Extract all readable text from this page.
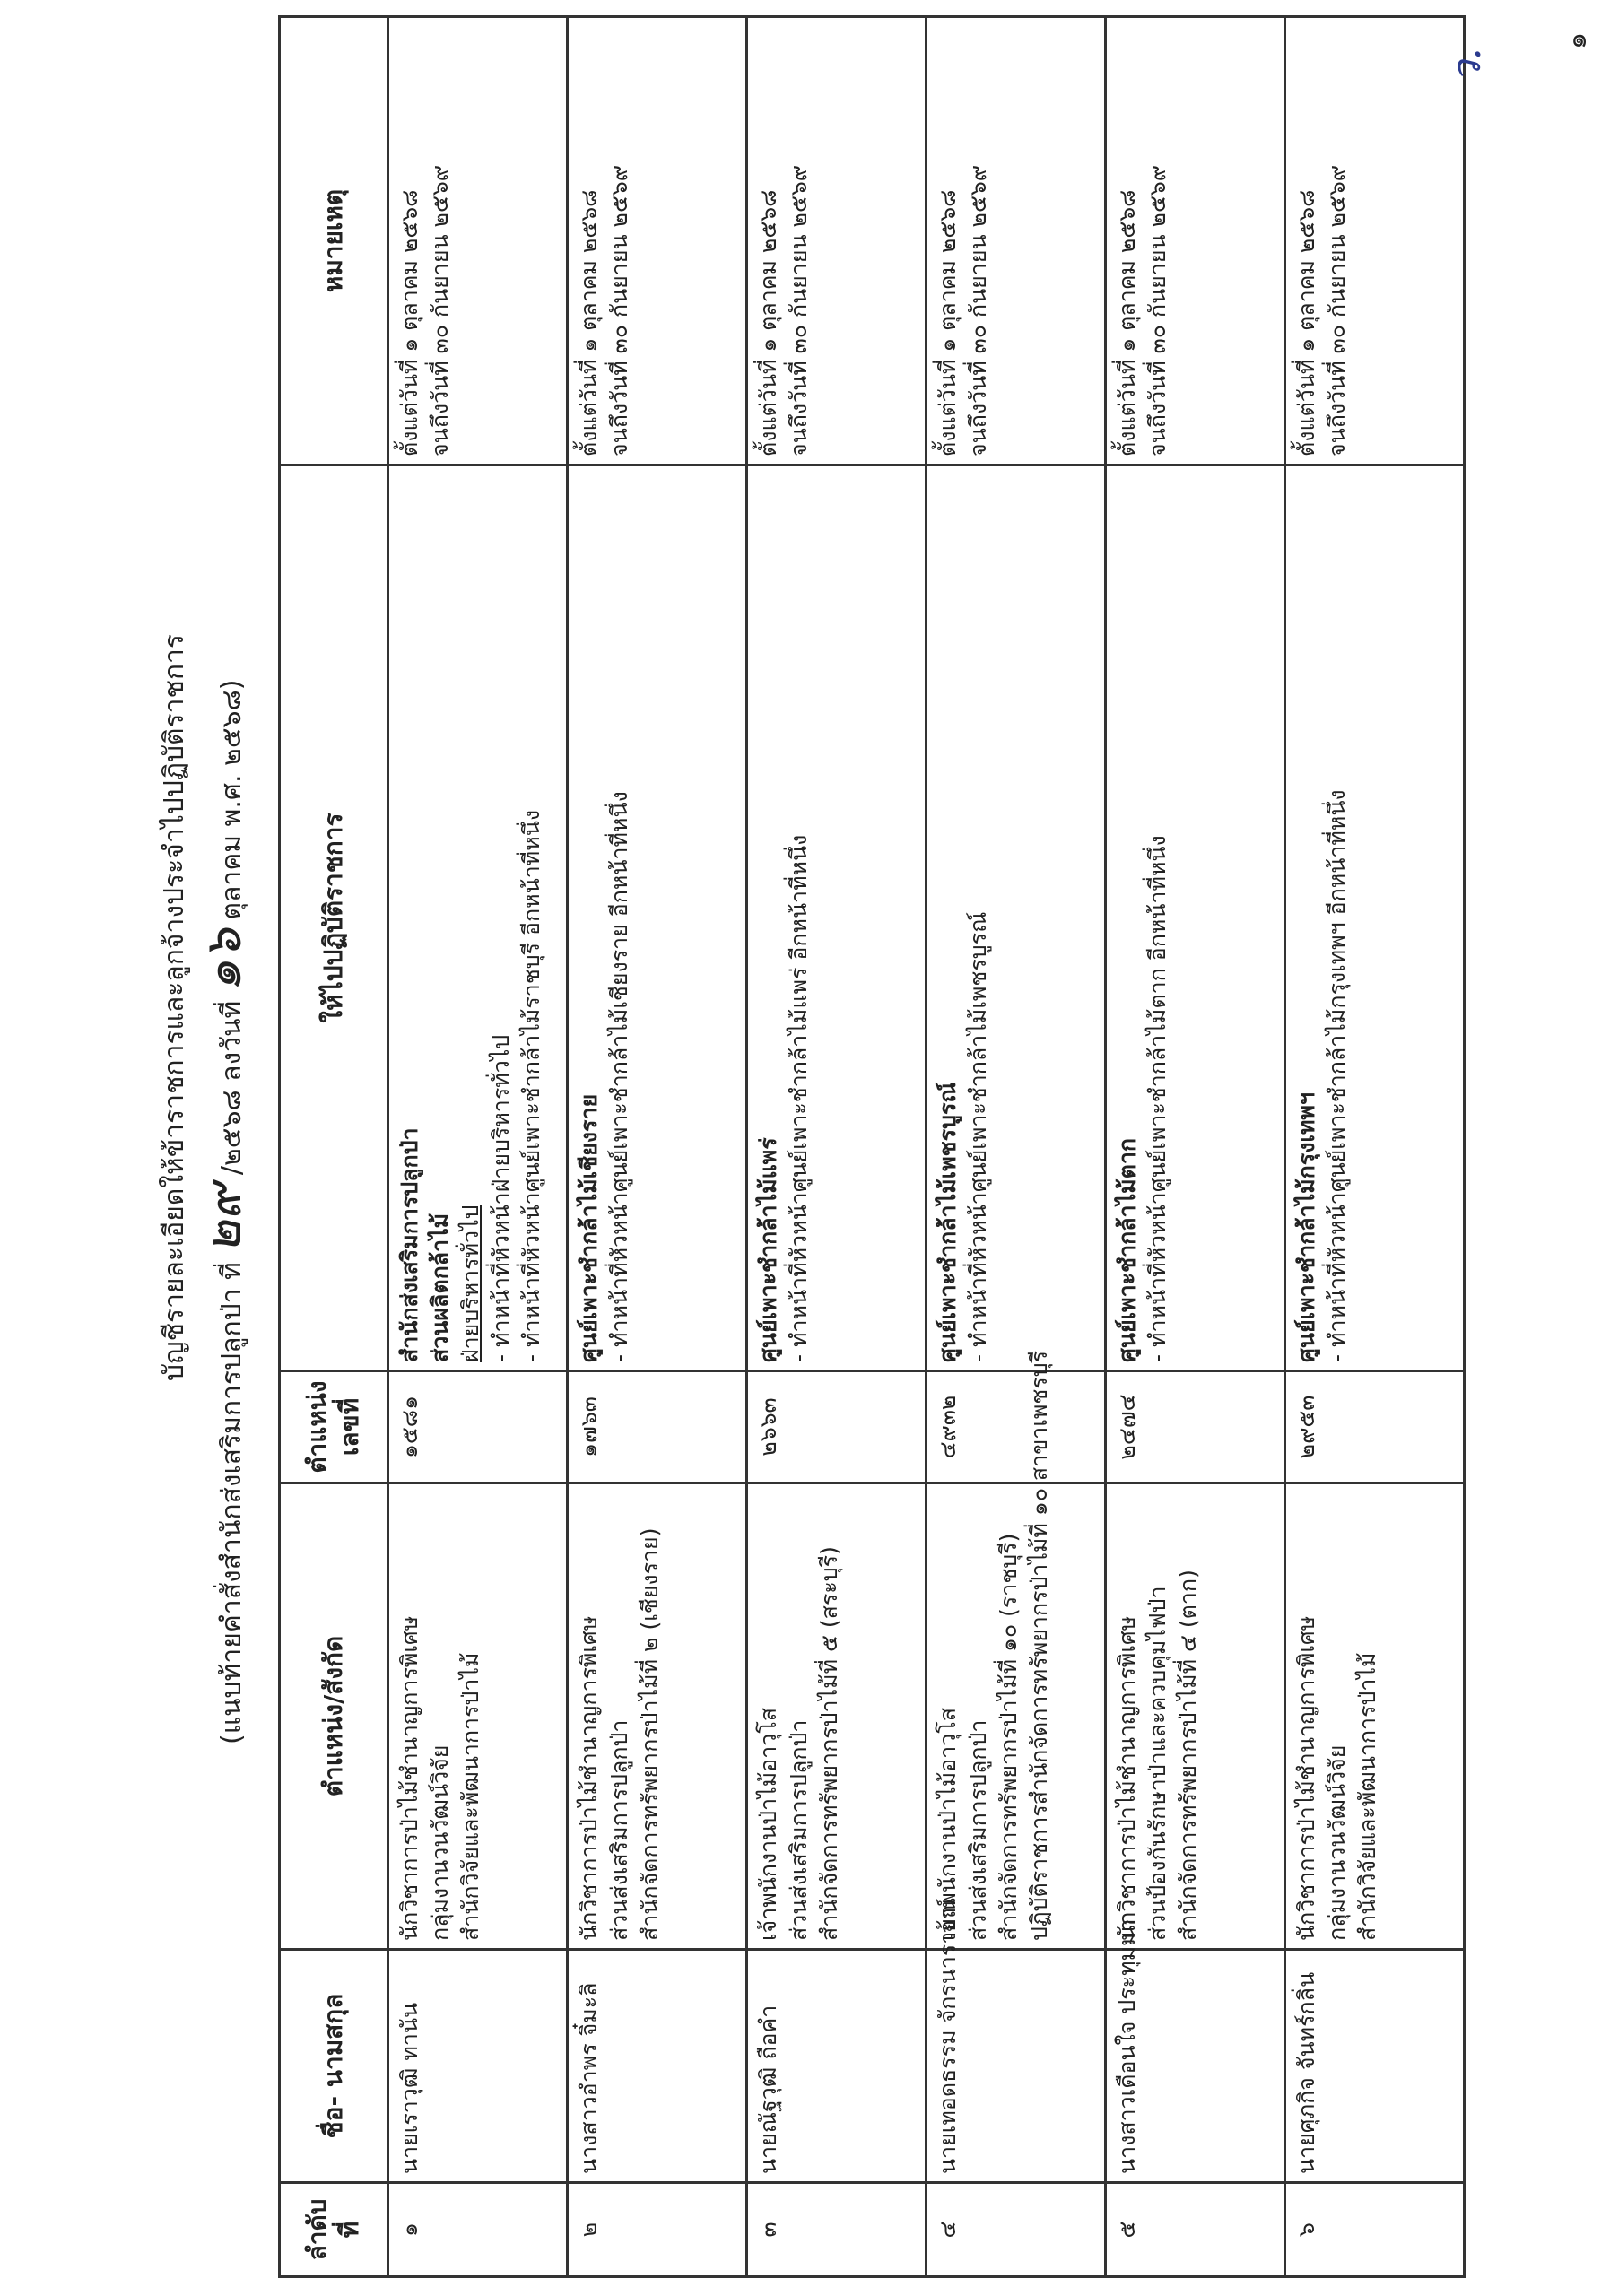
๑
บัญชีรายละเอียดให้ข้าราชการและลูกจ้างประจำไปปฏิบัติราชการ
(แนบท้ายคำสั่งสำนักส่งเสริมการปลูกป่า ที่ ๒๙ /๒๕๖๘ ลงวันที่ ๑๖ ตุลาคม พ.ศ. ๒๕๖๘)
ลำดับที่	ชื่อ- นามสกุล	ตำแหน่ง/สังกัด	ตำแหน่งเลขที่	ให้ไปปฏิบัติราชการ	หมายเหตุ

๑	นายเราวุฒิ ทานัน	นักวิชาการป่าไม้ชำนาญการพิเศษ กลุ่มงานวนวัฒน์วิจัย สำนักวิจัยและพัฒนาการป่าไม้	๑๕๘๑	สำนักส่งเสริมการปลูกป่า ส่วนผลิตกล้าไม้ ฝ่ายบริหารทั่วไป - ทำหน้าที่หัวหน้าฝ่ายบริหารทั่วไป - ทำหน้าที่หัวหน้าศูนย์เพาะชำกล้าไม้ราชบุรี อีกหน้าที่หนึ่ง	ตั้งแต่วันที่ ๑ ตุลาคม ๒๕๖๘ จนถึงวันที่ ๓๐ กันยายน ๒๕๖๙

๒	นางสาวอำพร จิ๋มะลิ	นักวิชาการป่าไม้ชำนาญการพิเศษ ส่วนส่งเสริมการปลูกป่า สำนักจัดการทรัพยากรป่าไม้ที่ ๒ (เชียงราย)	๑๗๖๓	ศูนย์เพาะชำกล้าไม้เชียงราย - ทำหน้าที่หัวหน้าศูนย์เพาะชำกล้าไม้เชียงราย อีกหน้าที่หนึ่ง	ตั้งแต่วันที่ ๑ ตุลาคม ๒๕๖๘ จนถึงวันที่ ๓๐ กันยายน ๒๕๖๙

๓	นายณัฐวุฒิ ถือคำ	เจ้าพนักงานป่าไม้อาวุโส ส่วนส่งเสริมการปลูกป่า สำนักจัดการทรัพยากรป่าไม้ที่ ๕ (สระบุรี)	๒๖๖๓	ศูนย์เพาะชำกล้าไม้แพร่ - ทำหน้าที่หัวหน้าศูนย์เพาะชำกล้าไม้แพร่ อีกหน้าที่หนึ่ง	ตั้งแต่วันที่ ๑ ตุลาคม ๒๕๖๘ จนถึงวันที่ ๓๐ กันยายน ๒๕๖๙

๔	นายเทอดธรรม จักรนารายณ์	เจ้าพนักงานป่าไม้อาวุโส ส่วนส่งเสริมการปลูกป่า สำนักจัดการทรัพยากรป่าไม้ที่ ๑๐ (ราชบุรี) ปฏิบัติราชการสำนักจัดการทรัพยากรป่าไม้ที่ ๑๐ สาขาเพชรบุรี	๔๙๓๒	ศูนย์เพาะชำกล้าไม้เพชรบูรณ์ - ทำหน้าที่หัวหน้าศูนย์เพาะชำกล้าไม้เพชรบูรณ์	ตั้งแต่วันที่ ๑ ตุลาคม ๒๕๖๘ จนถึงวันที่ ๓๐ กันยายน ๒๕๖๙

๕	นางสาวเดือนใจ ประทุมมา	นักวิชาการป่าไม้ชำนาญการพิเศษ ส่วนป้องกันรักษาป่าและควบคุมไฟป่า สำนักจัดการทรัพยากรป่าไม้ที่ ๔ (ตาก)	๒๔๗๔	ศูนย์เพาะชำกล้าไม้ตาก - ทำหน้าที่หัวหน้าศูนย์เพาะชำกล้าไม้ตาก อีกหน้าที่หนึ่ง	ตั้งแต่วันที่ ๑ ตุลาคม ๒๕๖๘ จนถึงวันที่ ๓๐ กันยายน ๒๕๖๙

๖	นายศุภกิจ จันทร์กลิ่น	นักวิชาการป่าไม้ชำนาญการพิเศษ กลุ่มงานวนวัฒน์วิจัย สำนักวิจัยและพัฒนาการป่าไม้	๒๙๕๓	ศูนย์เพาะชำกล้าไม้กรุงเทพฯ - ทำหน้าที่หัวหน้าศูนย์เพาะชำกล้าไม้กรุงเทพฯ อีกหน้าที่หนึ่ง	ตั้งแต่วันที่ ๑ ตุลาคม ๒๕๖๘ จนถึงวันที่ ๓๐ กันยายน ๒๕๖๙
ว.
